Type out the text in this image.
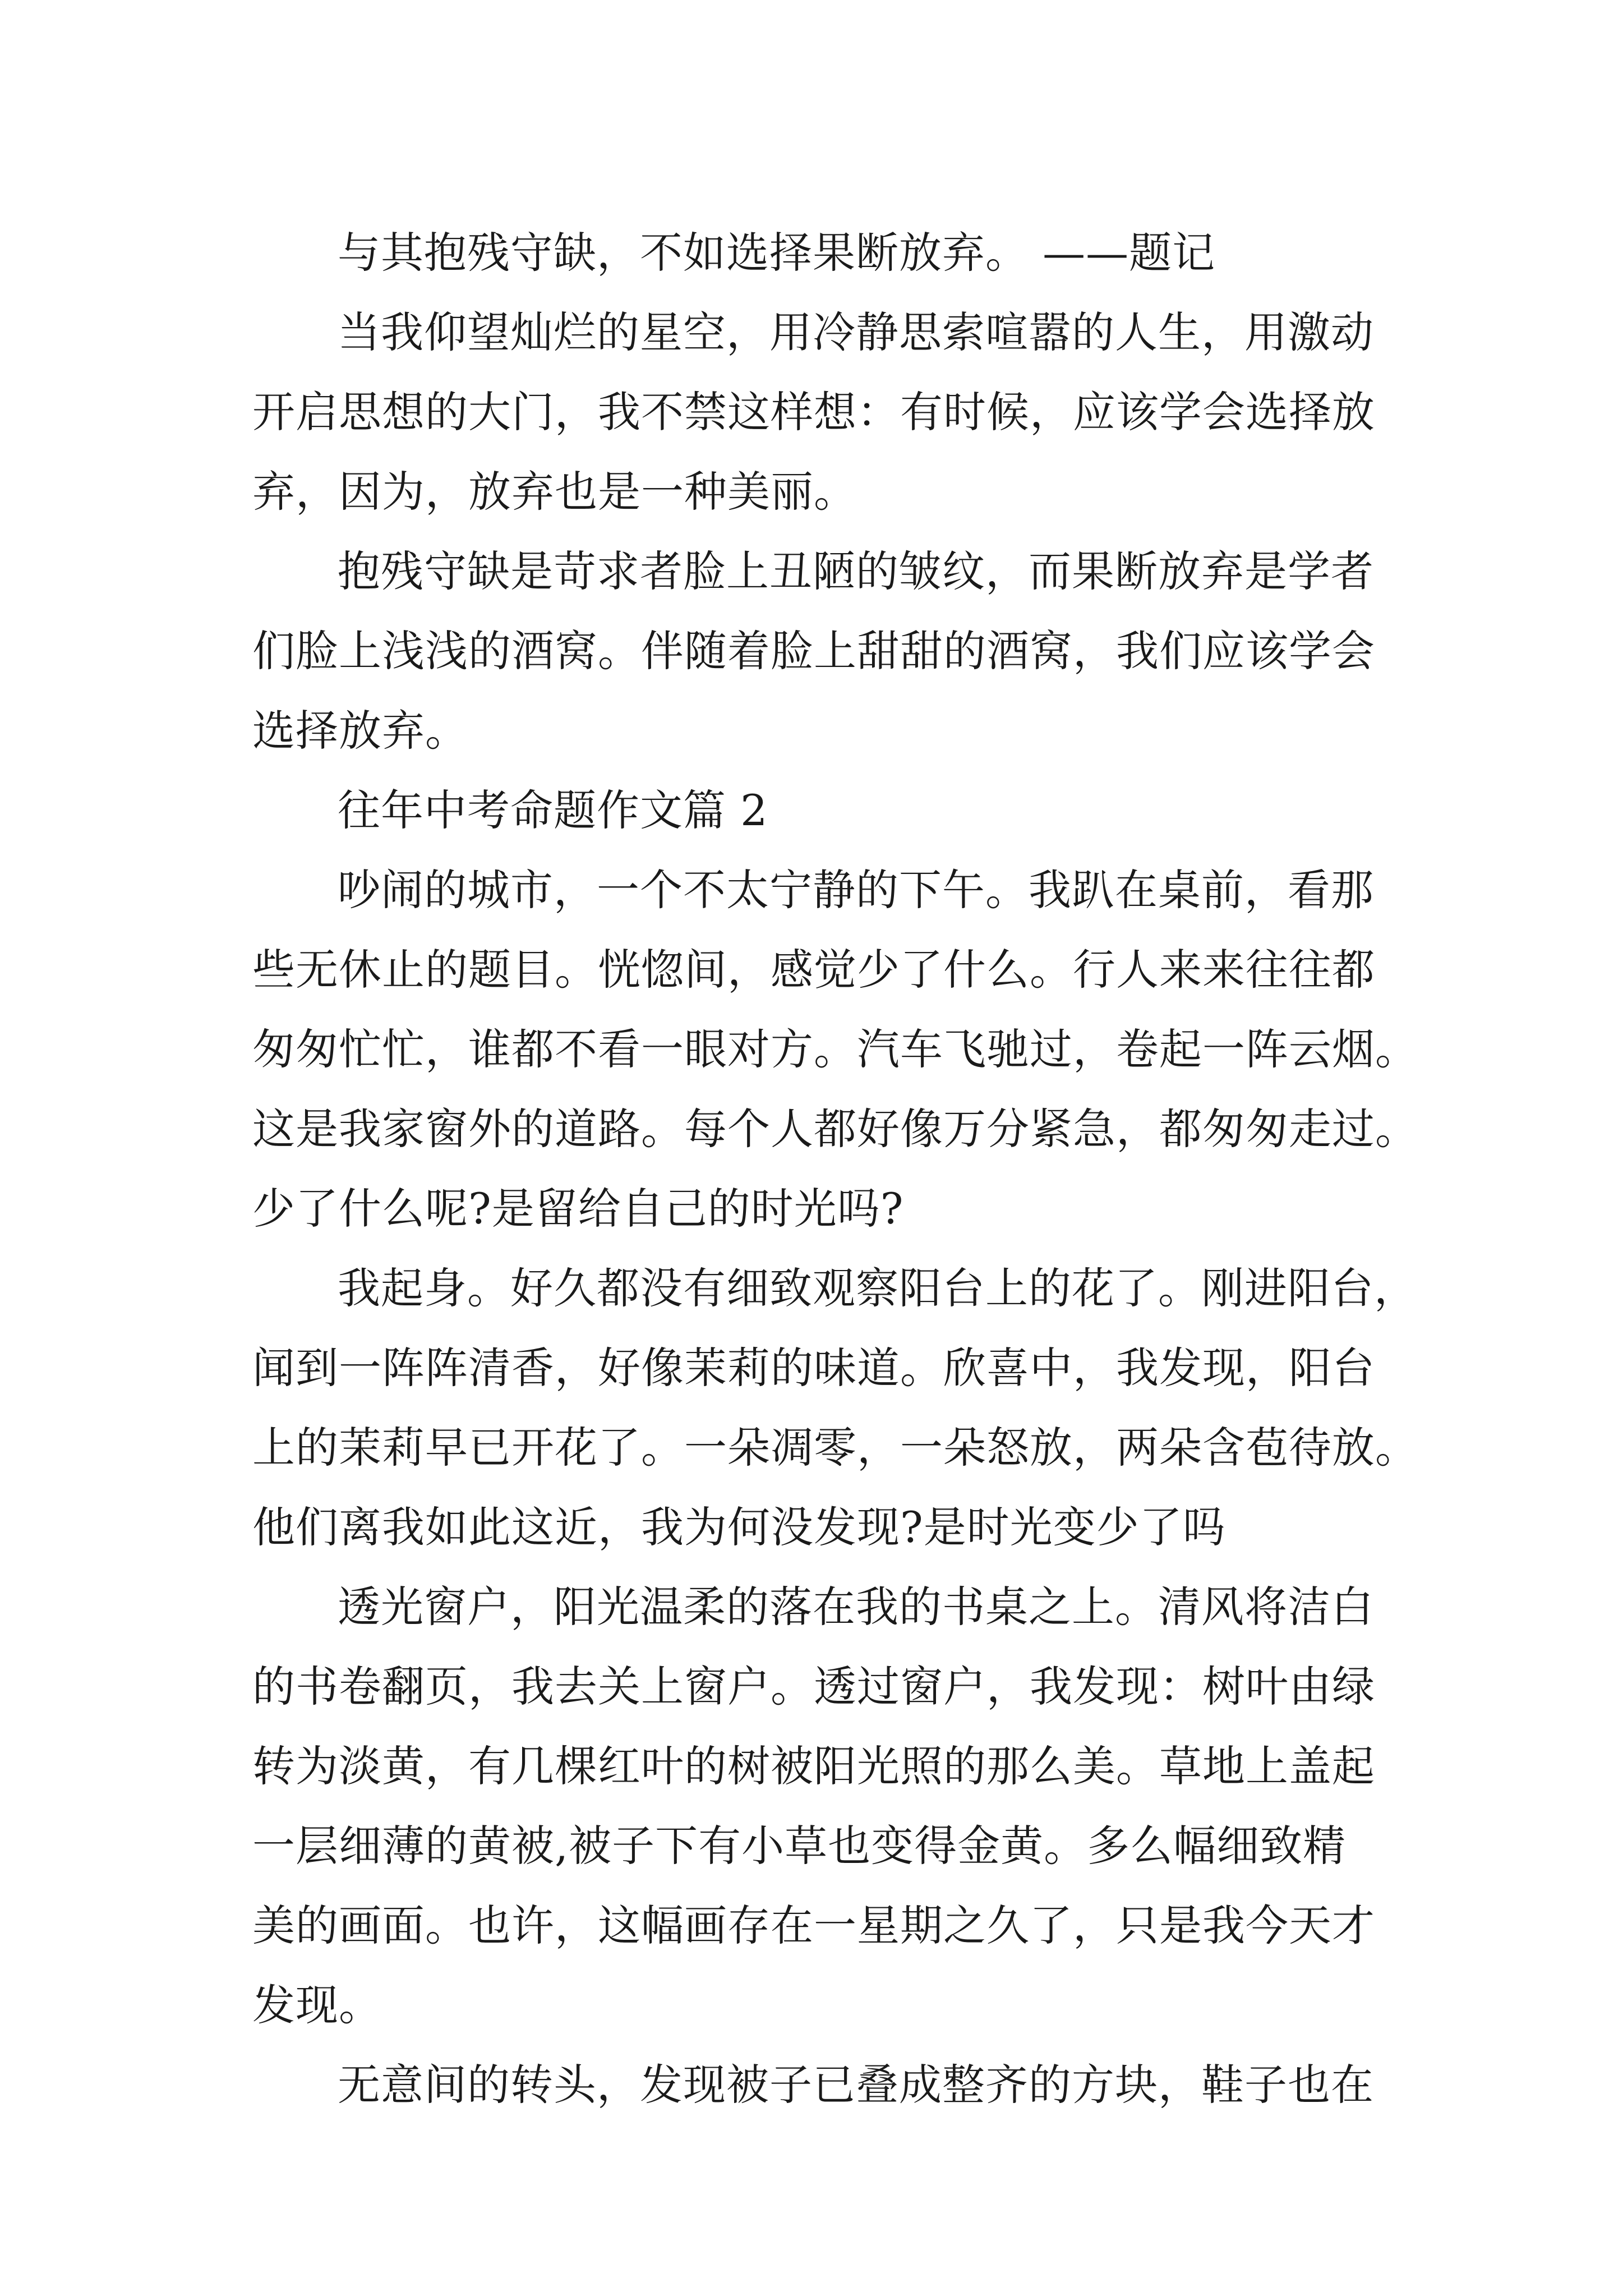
与其抱残守缺，不如选择果断放弃。 ——题记
当我仰望灿烂的星空，用冷静思索喧嚣的人生，用激动
开启思想的大门，我不禁这样想：有时候，应该学会选择放
弃，因为，放弃也是一种美丽。
抱残守缺是苛求者脸上丑陋的皱纹，而果断放弃是学者
们脸上浅浅的酒窝。伴随着脸上甜甜的酒窝，我们应该学会
选择放弃。
往年中考命题作文篇 2
吵闹的城市，一个不太宁静的下午。我趴在桌前，看那
些无休止的题目。恍惚间，感觉少了什么。行人来来往往都
匆匆忙忙，谁都不看一眼对方。汽车飞驰过，卷起一阵云烟。
这是我家窗外的道路。每个人都好像万分紧急，都匆匆走过。
少了什么呢?是留给自己的时光吗?
我起身。好久都没有细致观察阳台上的花了。刚进阳台，
闻到一阵阵清香，好像茉莉的味道。欣喜中，我发现，阳台
上的茉莉早已开花了。一朵凋零，一朵怒放，两朵含苞待放。
他们离我如此这近，我为何没发现?是时光变少了吗
透光窗户，阳光温柔的落在我的书桌之上。清风将洁白
的书卷翻页，我去关上窗户。透过窗户，我发现：树叶由绿
转为淡黄，有几棵红叶的树被阳光照的那么美。草地上盖起
一层细薄的黄被,被子下有小草也变得金黄。多么幅细致精
美的画面。也许，这幅画存在一星期之久了，只是我今天才
发现。
无意间的转头，发现被子已叠成整齐的方块，鞋子也在
